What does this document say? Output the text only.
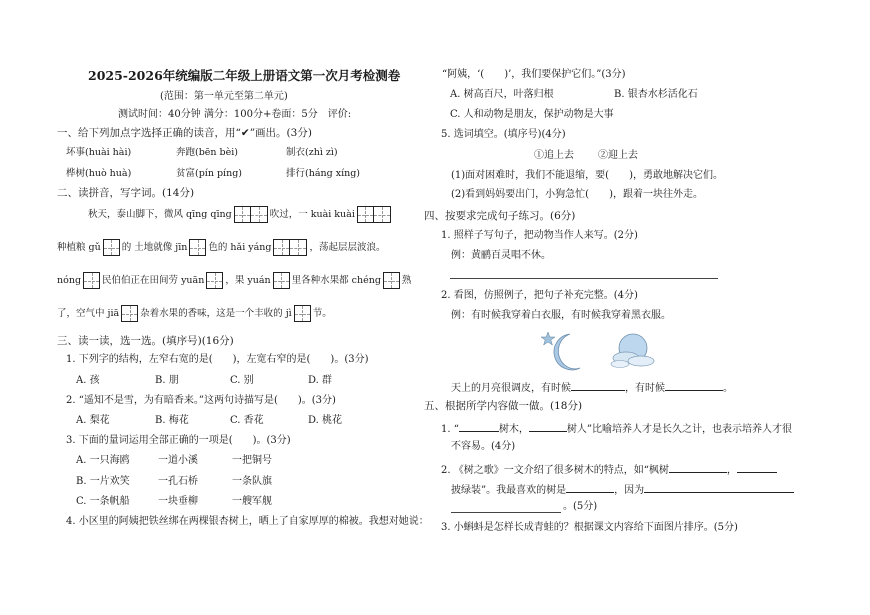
2025-2026年统编版二年级上册语文第一次月考检测卷
(范围：第一单元至第二单元)
测试时间：40分钟 满分：100分+卷面：5分　评价:
一、给下列加点字选择正确的读音，用“✔”画出。(3分)
坏事(huài hài)	奔跑(bēn bèi)	制衣(zhì zì)
桦树(huò huà)	贫富(pín píng)	排行(háng xíng)
二、读拼音，写字词。(14分)
秋天，泰山脚下，微风 qīng qīng	吹过，一 kuài kuài
种植粮 gǔ 的 土地就像 jīn 色的 hǎi yáng	，荡起层层波浪。
nóng 民伯伯正在田间劳 yuān ，果 yuán 里各种水果都 chéng 熟
了，空气中 jiā 杂着水果的香味，这是一个丰收的 jì 节。
三、读一读，选一选。(填序号)(16分)
1. 下列字的结构，左窄右宽的是(　　)，左宽右窄的是(　　)。(3分)
A. 孩	B. 朋	C. 别	D. 群
2. “遥知不是雪，为有暗香来。”这两句诗描写是(　　)。(3分)
A. 梨花	B. 梅花	C. 香花	D. 桃花
3. 下面的量词运用全部正确的一项是(　　)。(3分)
A. 一只海鸥	一道小溪	一把铜号
B. 一片欢笑	一孔石桥	一条队旗
C. 一条帆船	一块垂柳	一艘军舰
4. 小区里的阿姨把铁丝绑在两棵银杏树上，晒上了自家厚厚的棉被。我想对她说：
“阿姨，‘(　　)’，我们要保护它们。”(3分)
A. 树高百尺，叶落归根	B. 银杏水杉活化石
C. 人和动物是朋友，保护动物是大事
5. 选词填空。(填序号)(4分)
①追上去 ②迎上去
(1)面对困难时，我们不能退缩，要(　　)，勇敢地解决它们。
(2)看到妈妈要出门，小狗急忙(　　)，跟着一块往外走。
四、按要求完成句子练习。(6分)
1. 照样子写句子，把动物当作人来写。(2分)
例：黄鹂百灵唱不休。
2. 看图，仿照例子，把句子补充完整。(4分)
例：有时候我穿着白衣服，有时候我穿着黑衣服。
天上的月亮很调皮，有时候	，有时候	。
五、根据所学内容做一做。(18分)
1. “	树木，	树人”比喻培养人才是长久之计，也表示培养人才很
不容易。(4分)
2. 《树之歌》一文介绍了很多树木的特点，如“枫树	，
披绿装”。我最喜欢的树是	，因为
。(5分)
3. 小蝌蚪是怎样长成青蛙的？根据课文内容给下面图片排序。(5分)
